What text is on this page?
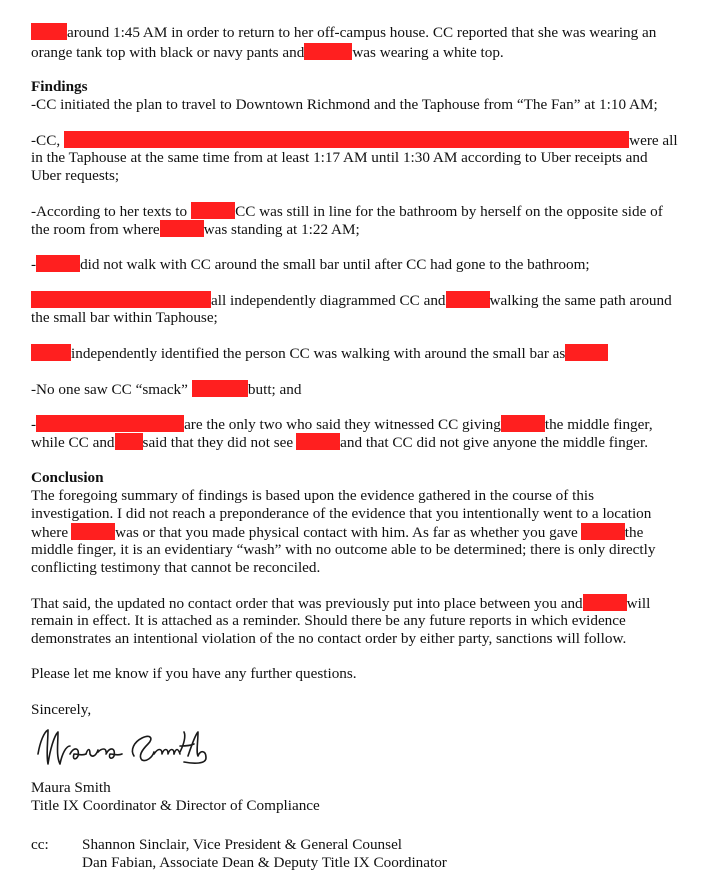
around 1:45 AM in order to return to her off-campus house. CC reported that she was wearing an
orange tank top with black or navy pants and	was wearing a white top.
Findings
-CC initiated the plan to travel to Downtown Richmond and the Taphouse from “The Fan” at 1:10 AM;
-CC,	were all
in the Taphouse at the same time from at least 1:17 AM until 1:30 AM according to Uber receipts and
Uber requests;
-According to her texts to	CC was still in line for the bathroom by herself on the opposite side of
the room from where	was standing at 1:22 AM;
-	did not walk with CC around the small bar until after CC had gone to the bathroom;
all independently diagrammed CC and	walking the same path around
the small bar within Taphouse;
independently identified the person CC was walking with around the small bar as
-No one saw CC “smack”	butt; and
-	are the only two who said they witnessed CC giving	the middle finger,
while CC and said that they did not see	and that CC did not give anyone the middle finger.
Conclusion
The foregoing summary of findings is based upon the evidence gathered in the course of this
investigation. I did not reach a preponderance of the evidence that you intentionally went to a location
where	was or that you made physical contact with him. As far as whether you gave	the
middle finger, it is an evidentiary “wash” with no outcome able to be determined; there is only directly
conflicting testimony that cannot be reconciled.
That said, the updated no contact order that was previously put into place between you and	will
remain in effect. It is attached as a reminder. Should there be any future reports in which evidence
demonstrates an intentional violation of the no contact order by either party, sanctions will follow.
Please let me know if you have any further questions.
Sincerely,
Maura Smith
Title IX Coordinator & Director of Compliance
cc: Shannon Sinclair, Vice President & General Counsel
Dan Fabian, Associate Dean & Deputy Title IX Coordinator
